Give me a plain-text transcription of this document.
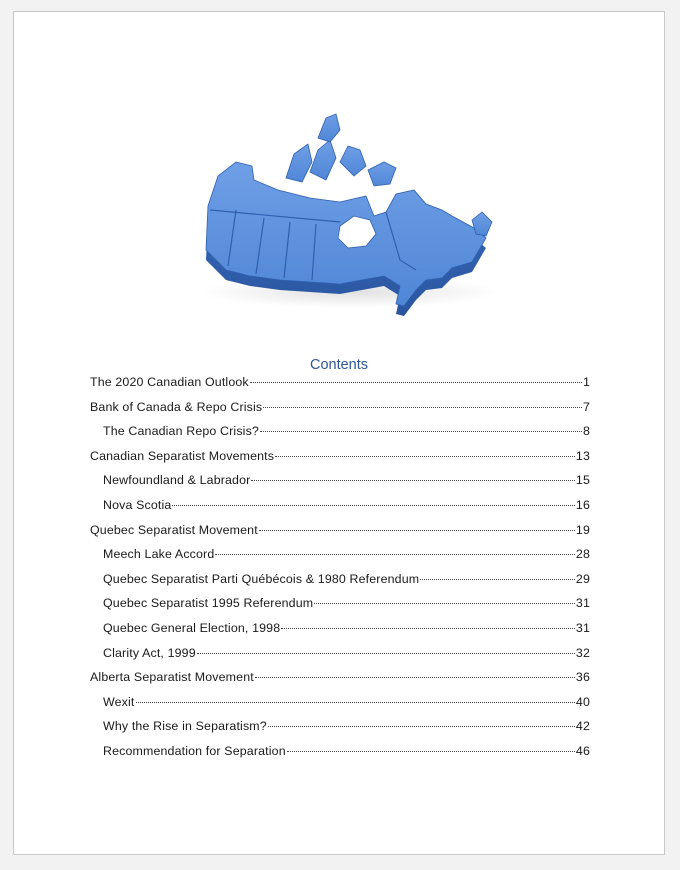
Contents
The 2020 Canadian Outlook	1
Bank of Canada & Repo Crisis	7
The Canadian Repo Crisis?	8
Canadian Separatist Movements	13
Newfoundland & Labrador	15
Nova Scotia	16
Quebec Separatist Movement	19
Meech Lake Accord	28
Quebec Separatist Parti Québécois & 1980 Referendum	29
Quebec Separatist 1995 Referendum	31
Quebec General Election, 1998	31
Clarity Act, 1999	32
Alberta Separatist Movement	36
Wexit	40
Why the Rise in Separatism?	42
Recommendation for Separation	46
